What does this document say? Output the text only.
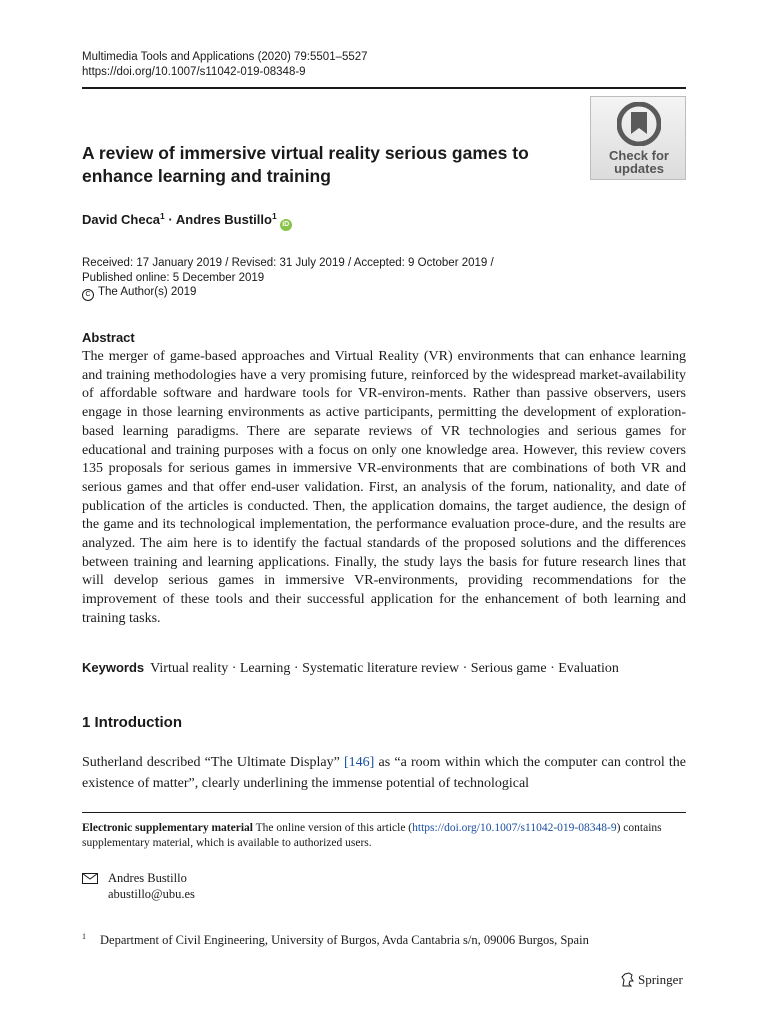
Multimedia Tools and Applications (2020) 79:5501–5527
https://doi.org/10.1007/s11042-019-08348-9
Check for
updates
A review of immersive virtual reality serious games to enhance learning and training
David Checa$^1$ · Andres Bustillo$^1$iD
Received: 17 January 2019 / Revised: 31 July 2019 / Accepted: 9 October 2019 /
Published online: 5 December 2019
C The Author(s) 2019
Abstract
The merger of game-based approaches and Virtual Reality (VR) environments that can enhance learning and training methodologies have a very promising future, reinforced by the widespread market-availability of affordable software and hardware tools for VR-environ-ments. Rather than passive observers, users engage in those learning environments as active participants, permitting the development of exploration-based learning paradigms. There are separate reviews of VR technologies and serious games for educational and training purposes with a focus on only one knowledge area. However, this review covers 135 proposals for serious games in immersive VR-environments that are combinations of both VR and serious games and that offer end-user validation. First, an analysis of the forum, nationality, and date of publication of the articles is conducted. Then, the application domains, the target audience, the design of the game and its technological implementation, the performance evaluation proce-dure, and the results are analyzed. The aim here is to identify the factual standards of the proposed solutions and the differences between training and learning applications. Finally, the study lays the basis for future research lines that will develop serious games in immersive VR-environments, providing recommendations for the improvement of these tools and their successful application for the enhancement of both learning and training tasks.
Keywords Virtual reality · Learning · Systematic literature review · Serious game · Evaluation
1 Introduction
Sutherland described “The Ultimate Display” [146] as “a room within which the computer can control the existence of matter”, clearly underlining the immense potential of technological
Electronic supplementary material The online version of this article (https://doi.org/10.1007/s11042-019-08348-9) contains supplementary material, which is available to authorized users.
Andres Bustillo
abustillo@ubu.es
$^1$ Department of Civil Engineering, University of Burgos, Avda Cantabria s/n, 09006 Burgos, Spain
Springer
